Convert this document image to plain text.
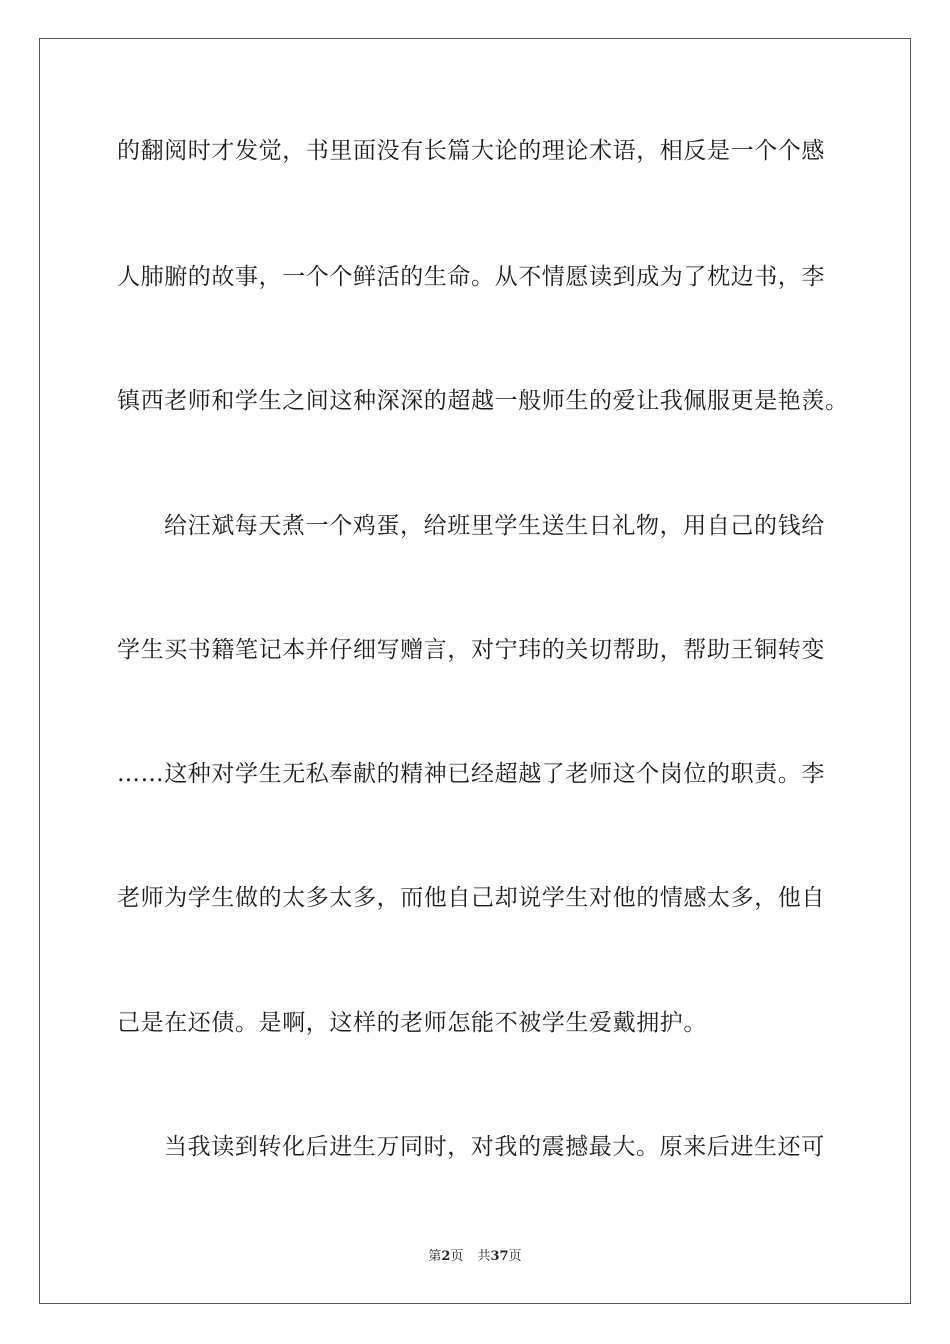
的翻阅时才发觉，书里面没有长篇大论的理论术语，相反是一个个感
人肺腑的故事，一个个鲜活的生命。从不情愿读到成为了枕边书，李
镇西老师和学生之间这种深深的超越一般师生的爱让我佩服更是艳羡。
给汪斌每天煮一个鸡蛋，给班里学生送生日礼物，用自己的钱给
学生买书籍笔记本并仔细写赠言，对宁玮的关切帮助，帮助王铜转变
……这种对学生无私奉献的精神已经超越了老师这个岗位的职责。李
老师为学生做的太多太多，而他自己却说学生对他的情感太多，他自
己是在还债。是啊，这样的老师怎能不被学生爱戴拥护。
当我读到转化后进生万同时，对我的震撼最大。原来后进生还可
第2页 共37页
